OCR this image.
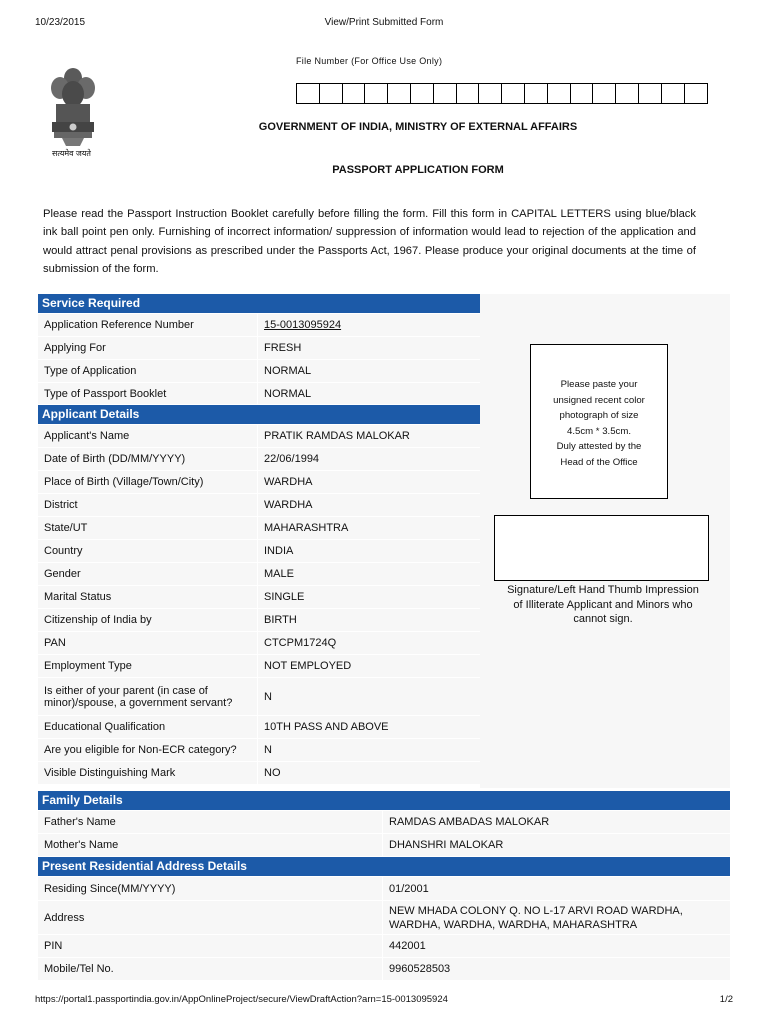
10/23/2015	View/Print Submitted Form
सत्यमेव जयते
File Number (For Office Use Only)
GOVERNMENT OF INDIA, MINISTRY OF EXTERNAL AFFAIRS
PASSPORT APPLICATION FORM
Please read the Passport Instruction Booklet carefully before filling the form. Fill this form in CAPITAL LETTERS using blue/black ink ball point pen only. Furnishing of incorrect information/ suppression of information would lead to rejection of the application and would attract penal provisions as prescribed under the Passports Act, 1967. Please produce your original documents at the time of submission of the form.
Service Required
Application Reference Number	15-0013095924
Applying For	FRESH
Type of Application	NORMAL
Type of Passport Booklet	NORMAL
Applicant Details
Applicant's Name	PRATIK RAMDAS MALOKAR
Date of Birth (DD/MM/YYYY)	22/06/1994
Place of Birth (Village/Town/City)	WARDHA
District	WARDHA
State/UT	MAHARASHTRA
Country	INDIA
Gender	MALE
Marital Status	SINGLE
Citizenship of India by	BIRTH
PAN	CTCPM1724Q
Employment Type	NOT EMPLOYED
Is either of your parent (in case of minor)/spouse, a government servant?	N
Educational Qualification	10TH PASS AND ABOVE
Are you eligible for Non-ECR category?	N
Visible Distinguishing Mark	NO
Please paste your
unsigned recent color
photograph of size
4.5cm * 3.5cm.
Duly attested by the
Head of the Office
Signature/Left Hand Thumb Impression
of Illiterate Applicant and Minors who
cannot sign.
Family Details
Father's Name	RAMDAS AMBADAS MALOKAR
Mother's Name	DHANSHRI MALOKAR
Present Residential Address Details
Residing Since(MM/YYYY)	01/2001
Address
NEW MHADA COLONY Q. NO L-17 ARVI ROAD WARDHA, WARDHA, WARDHA, WARDHA, MAHARASHTRA
PIN	442001
Mobile/Tel No.	9960528503
https://portal1.passportindia.gov.in/AppOnlineProject/secure/ViewDraftAction?arn=15-0013095924	1/2
